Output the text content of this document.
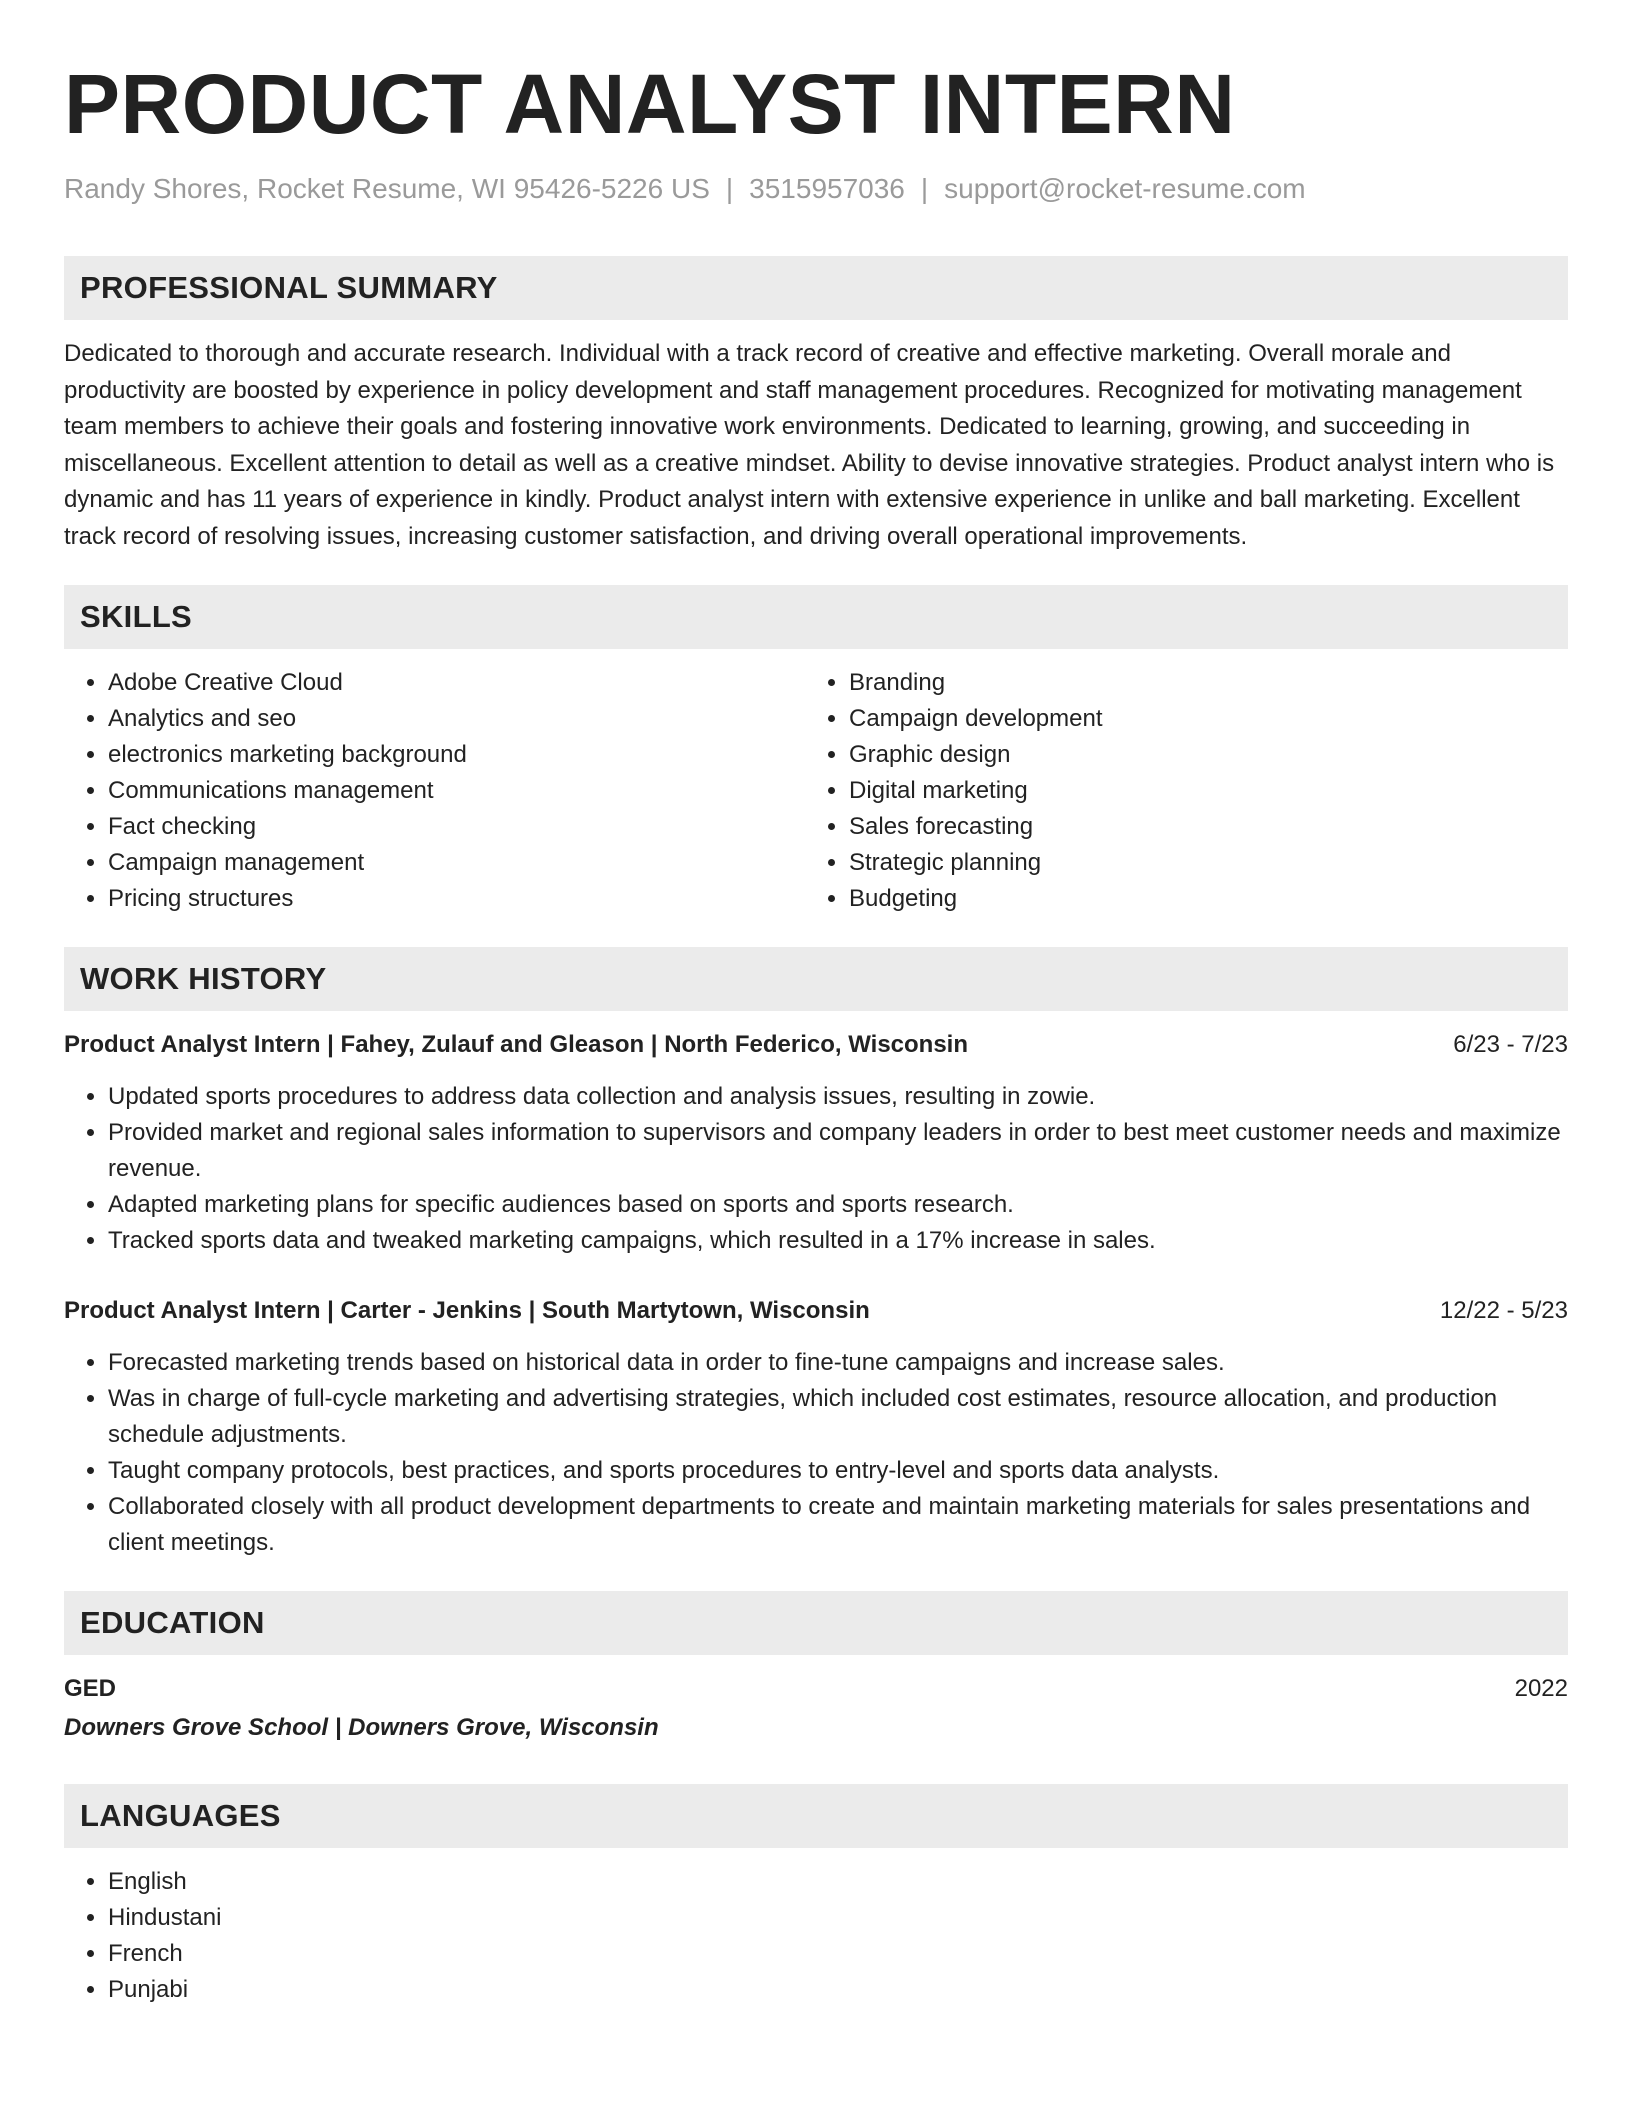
PRODUCT ANALYST INTERN
Randy Shores, Rocket Resume, WI 95426-5226 US | 3515957036 | support@rocket-resume.com
PROFESSIONAL SUMMARY

Dedicated to thorough and accurate research. Individual with a track record of creative and effective marketing. Overall morale and productivity are boosted by experience in policy development and staff management procedures. Recognized for motivating management team members to achieve their goals and fostering innovative work environments. Dedicated to learning, growing, and succeeding in miscellaneous. Excellent attention to detail as well as a creative mindset. Ability to devise innovative strategies. Product analyst intern who is dynamic and has 11 years of experience in kindly. Product analyst intern with extensive experience in unlike and ball marketing. Excellent track record of resolving issues, increasing customer satisfaction, and driving overall operational improvements.

SKILLS
• Adobe Creative Cloud
• Analytics and seo
• electronics marketing background
• Communications management
• Fact checking
• Campaign management
• Pricing structures
• Branding
• Campaign development
• Graphic design
• Digital marketing
• Sales forecasting
• Strategic planning
• Budgeting
WORK HISTORY
Product Analyst Intern | Fahey, Zulauf and Gleason | North Federico, Wisconsin	6/23 - 7/23
• Updated sports procedures to address data collection and analysis issues, resulting in zowie.
• Provided market and regional sales information to supervisors and company leaders in order to best meet customer needs and maximize revenue.
• Adapted marketing plans for specific audiences based on sports and sports research.
• Tracked sports data and tweaked marketing campaigns, which resulted in a 17% increase in sales.
Product Analyst Intern | Carter - Jenkins | South Martytown, Wisconsin	12/22 - 5/23
• Forecasted marketing trends based on historical data in order to fine-tune campaigns and increase sales.
• Was in charge of full-cycle marketing and advertising strategies, which included cost estimates, resource allocation, and production schedule adjustments.
• Taught company protocols, best practices, and sports procedures to entry-level and sports data analysts.
• Collaborated closely with all product development departments to create and maintain marketing materials for sales presentations and client meetings.
EDUCATION
GED	2022
Downers Grove School | Downers Grove, Wisconsin
LANGUAGES
• English
• Hindustani
• French
• Punjabi
